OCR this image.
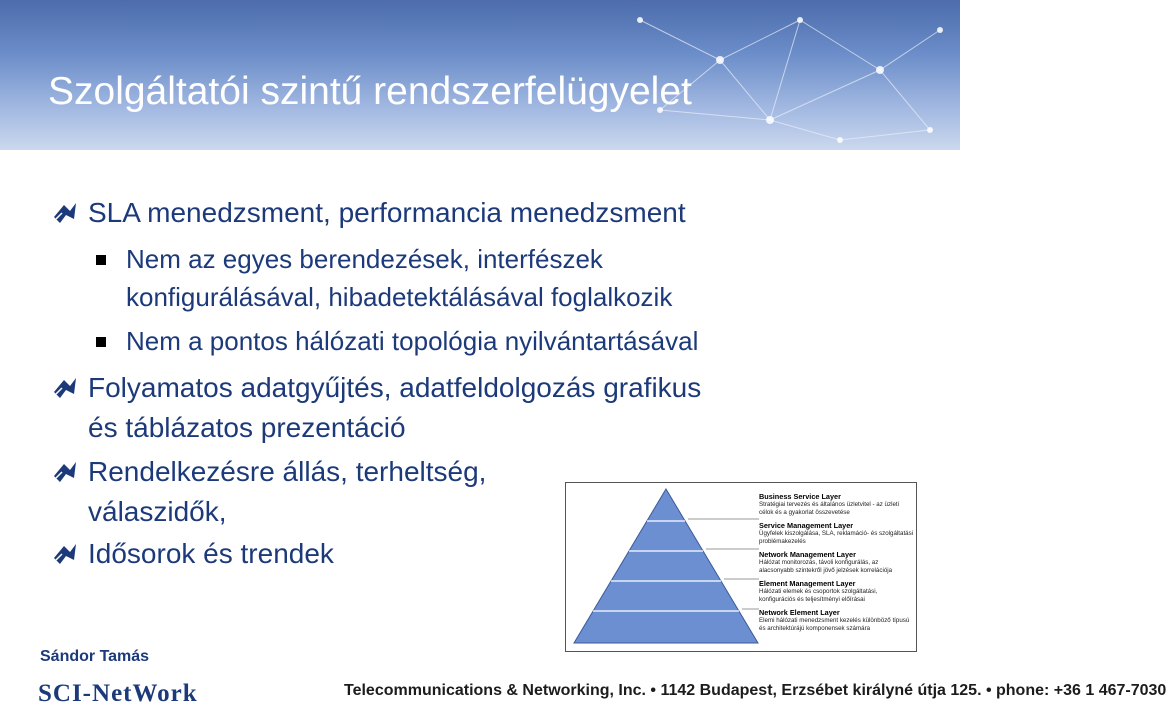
Szolgáltatói szintű rendszerfelügyelet
SLA menedzsment, performancia menedzsment
Nem az egyes berendezések, interfészek
konfigurálásával, hibadetektálásával foglalkozik
Nem a pontos hálózati topológia nyilvántartásával
Folyamatos adatgyűjtés, adatfeldolgozás grafikus
és táblázatos prezentáció
Rendelkezésre állás, terheltség,
válaszidők,
Idősorok és trendek
Business Service Layer
Stratégiai tervezés és általános üzletvitel - az üzleti célok és a gyakorlat összevetése
Service Management Layer
Ügyfelek kiszolgálása, SLA, reklamáció- és szolgáltatási problémakezelés
Network Management Layer
Hálózat monitorozás, távoli konfigurálás, az alacsonyabb szintekről jövő jelzések korrelációja
Element Management Layer
Hálózati elemek és csoportok szolgáltatási, konfigurációs és teljesítményi előírásai
Network Element Layer
Elemi hálózati menedzsment kezelés különböző típusú és architektúrájú komponensek számára
Sándor Tamás
SCI-NetWork	Telecommunications & Networking, Inc. • 1142 Budapest, Erzsébet királyné útja 125. • phone: +36 1 467-7030
